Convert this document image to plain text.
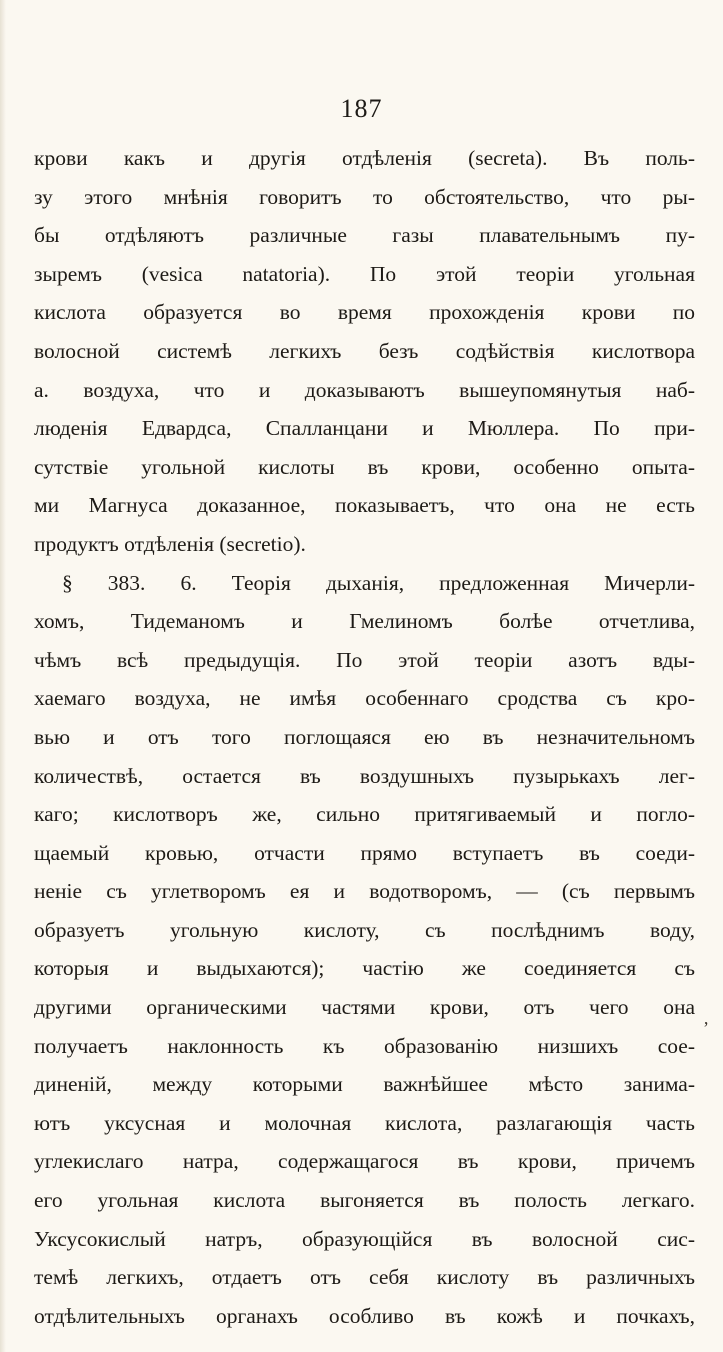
187
крови какъ и другія отдѣленія (secreta). Въ поль-
зу этого мнѣнія говоритъ то обстоятельство, что ры-
бы отдѣляютъ различные газы плавательнымъ пу-
зыремъ (vesica natatoria). По этой теоріи угольная
кислота образуется во время прохожденія крови по
волосной системѣ легкихъ безъ содѣйствія кислотвора
а. воздуха, что и доказываютъ вышеупомянутыя наб-
люденія Едвардса, Спалланцани и Мюллера. По при-
сутствіе угольной кислоты въ крови, особенно опыта-
ми Магнуса доказанное, показываетъ, что она не есть
продуктъ отдѣленія (secretio).
§ 383. 6. Теорія дыханія, предложенная Мичерли-
хомъ, Тидеманомъ и Гмелиномъ болѣе отчетлива,
чѣмъ всѣ предыдущія. По этой теоріи азотъ вды-
хаемаго воздуха, не имѣя особеннаго сродства съ кро-
вью и отъ того поглощаяся ею въ незначительномъ
количествѣ, остается въ воздушныхъ пузырькахъ лег-
каго; кислотворъ же, сильно притягиваемый и погло-
щаемый кровью, отчасти прямо вступаетъ въ соеди-
неніе съ углетворомъ ея и водотворомъ, — (съ первымъ
образуетъ угольную кислоту, съ послѣднимъ воду,
которыя и выдыхаются); частію же соединяется съ
другими органическими частями крови, отъ чего она
получаетъ наклонность къ образованію низшихъ сое-
диненій, между которыми важнѣйшее мѣсто занима-
ютъ уксусная и молочная кислота, разлагающія часть
углекислаго натра, содержащагося въ крови, причемъ
его угольная кислота выгоняется въ полость легкаго.
Уксусокислый натръ, образующійся въ волосной сис-
темѣ легкихъ, отдаетъ отъ себя кислоту въ различныхъ
отдѣлительныхъ органахъ особливо въ кожѣ и почкахъ,
’
